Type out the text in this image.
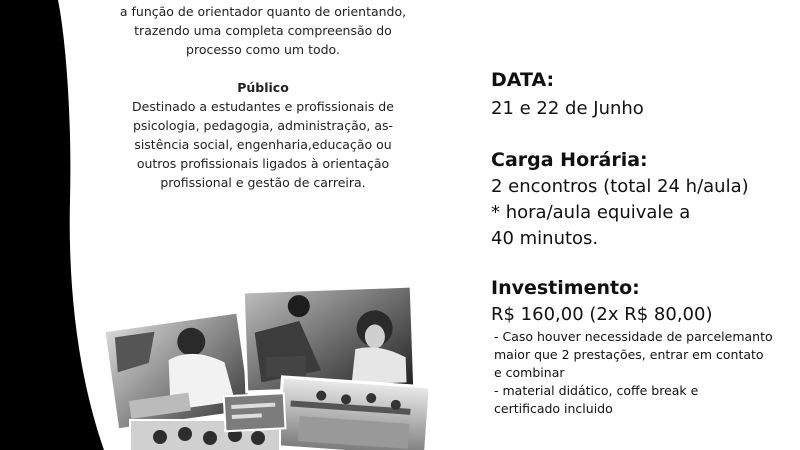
a função de orientador quanto de orientando,

trazendo uma completa compreensão do

processo como um todo.

Público

Destinado a estudantes e profissionais de

psicologia, pedagogia, administração, as-

sistência social, engenharia,educação ou

outros profissionais ligados à orientação

profissional e gestão de carreira.

DATA:

21 e 22 de Junho

Carga Horária:

2 encontros (total 24 h/aula)

* hora/aula equivale a

40 minutos.

Investimento:

R$ 160,00 (2x R$ 80,00)

- Caso houver necessidade de parcelemanto

maior que 2 prestações, entrar em contato

e combinar

- material didático, coffe break e

certificado incluido
